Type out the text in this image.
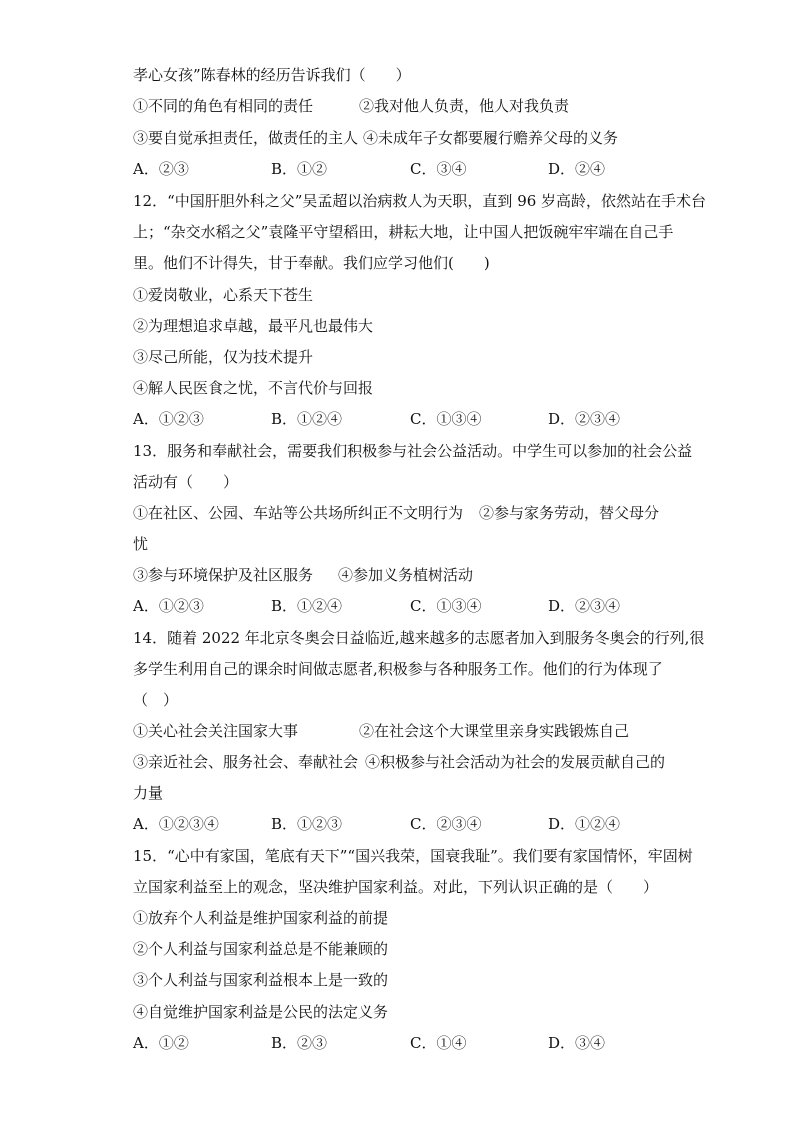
孝心女孩”陈春林的经历告诉我们（　　）
①不同的角色有相同的责任	②我对他人负责，他人对我负责
③要自觉承担责任，做责任的主人 ④未成年子女都要履行赡养父母的义务
A．②③	B．①②	C．③④	D．②④
12．“中国肝胆外科之父”吴孟超以治病救人为天职，直到 96 岁高龄，依然站在手术台
上；“杂交水稻之父”袁隆平守望稻田，耕耘大地，让中国人把饭碗牢牢端在自己手
里。他们不计得失，甘于奉献。我们应学习他们(　　)
①爱岗敬业，心系天下苍生
②为理想追求卓越，最平凡也最伟大
③尽己所能，仅为技术提升
④解人民医食之忧，不言代价与回报
A．①②③	B．①②④	C．①③④	D．②③④
13．服务和奉献社会，需要我们积极参与社会公益活动。中学生可以参加的社会公益
活动有（　　）
①在社区、公园、车站等公共场所纠正不文明行为 ②参与家务劳动，替父母分
忧
③参与环境保护及社区服务 ④参加义务植树活动
A．①②③	B．①②④	C．①③④	D．②③④
14．随着 2022 年北京冬奥会日益临近,越来越多的志愿者加入到服务冬奥会的行列,很
多学生利用自己的课余时间做志愿者,积极参与各种服务工作。他们的行为体现了
（　）
①关心社会关注国家大事	②在社会这个大课堂里亲身实践锻炼自己
③亲近社会、服务社会、奉献社会 ④积极参与社会活动为社会的发展贡献自己的
力量
A．①②③④	B．①②③	C．②③④	D．①②④
15．“心中有家国，笔底有天下”“国兴我荣，国衰我耻”。我们要有家国情怀，牢固树
立国家利益至上的观念，坚决维护国家利益。对此，下列认识正确的是（　　）
①放弃个人利益是维护国家利益的前提
②个人利益与国家利益总是不能兼顾的
③个人利益与国家利益根本上是一致的
④自觉维护国家利益是公民的法定义务
A．①②	B．②③	C．①④	D．③④
